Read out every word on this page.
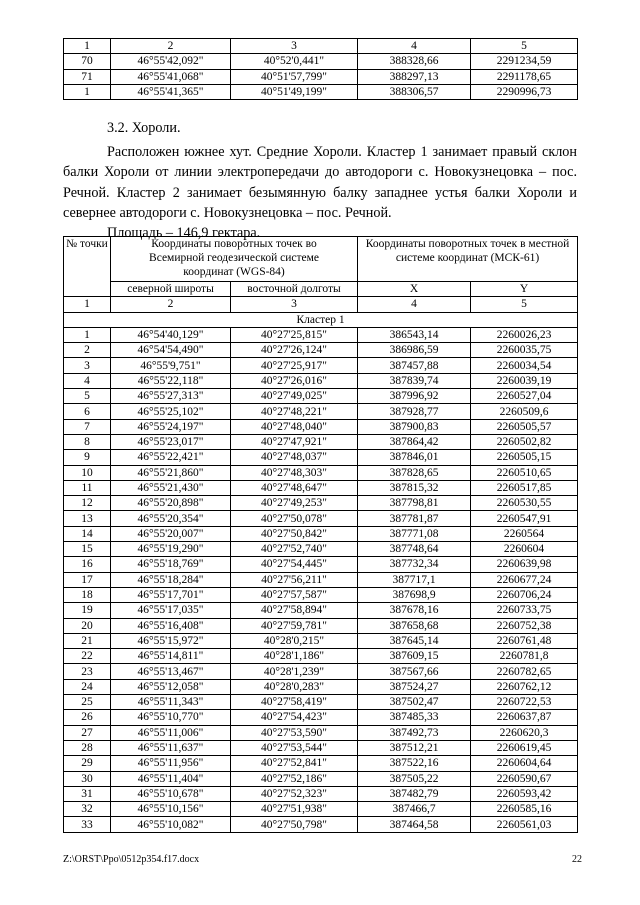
1	2	3	4	5
70	46°55'42,092"	40°52'0,441"	388328,66	2291234,59
71	46°55'41,068"	40°51'57,799"	388297,13	2291178,65
1	46°55'41,365"	40°51'49,199"	388306,57	2290996,73
3.2. Хороли.

Расположен южнее хут. Средние Хороли. Кластер 1 занимает правый склон балки Хороли от линии электропередачи до автодороги с. Новокузнецовка – пос. Речной. Кластер 2 занимает безымянную балку западнее устья балки Хороли и севернее автодороги с. Новокузнецовка – пос. Речной.

Площадь – 146,9 гектара.

№ точки	Координаты поворотных точек во Всемирной геодезической системе координат (WGS-84)		Координаты поворотных точек в местной системе координат (МСК-61)	
	северной широты	восточной долготы	X	Y
1	2	3	4	5
Кластер 1				
1	46°54'40,129"	40°27'25,815"	386543,14	2260026,23
2	46°54'54,490"	40°27'26,124"	386986,59	2260035,75
3	46°55'9,751"	40°27'25,917"	387457,88	2260034,54
4	46°55'22,118"	40°27'26,016"	387839,74	2260039,19
5	46°55'27,313"	40°27'49,025"	387996,92	2260527,04
6	46°55'25,102"	40°27'48,221"	387928,77	2260509,6
7	46°55'24,197"	40°27'48,040"	387900,83	2260505,57
8	46°55'23,017"	40°27'47,921"	387864,42	2260502,82
9	46°55'22,421"	40°27'48,037"	387846,01	2260505,15
10	46°55'21,860"	40°27'48,303"	387828,65	2260510,65
11	46°55'21,430"	40°27'48,647"	387815,32	2260517,85
12	46°55'20,898"	40°27'49,253"	387798,81	2260530,55
13	46°55'20,354"	40°27'50,078"	387781,87	2260547,91
14	46°55'20,007"	40°27'50,842"	387771,08	2260564
15	46°55'19,290"	40°27'52,740"	387748,64	2260604
16	46°55'18,769"	40°27'54,445"	387732,34	2260639,98
17	46°55'18,284"	40°27'56,211"	387717,1	2260677,24
18	46°55'17,701"	40°27'57,587"	387698,9	2260706,24
19	46°55'17,035"	40°27'58,894"	387678,16	2260733,75
20	46°55'16,408"	40°27'59,781"	387658,68	2260752,38
21	46°55'15,972"	40°28'0,215"	387645,14	2260761,48
22	46°55'14,811"	40°28'1,186"	387609,15	2260781,8
23	46°55'13,467"	40°28'1,239"	387567,66	2260782,65
24	46°55'12,058"	40°28'0,283"	387524,27	2260762,12
25	46°55'11,343"	40°27'58,419"	387502,47	2260722,53
26	46°55'10,770"	40°27'54,423"	387485,33	2260637,87
27	46°55'11,006"	40°27'53,590"	387492,73	2260620,3
28	46°55'11,637"	40°27'53,544"	387512,21	2260619,45
29	46°55'11,956"	40°27'52,841"	387522,16	2260604,64
30	46°55'11,404"	40°27'52,186"	387505,22	2260590,67
31	46°55'10,678"	40°27'52,323"	387482,79	2260593,42
32	46°55'10,156"	40°27'51,938"	387466,7	2260585,16
33	46°55'10,082"	40°27'50,798"	387464,58	2260561,03
Z:\ORST\Ppo\0512p354.f17.docx	22
